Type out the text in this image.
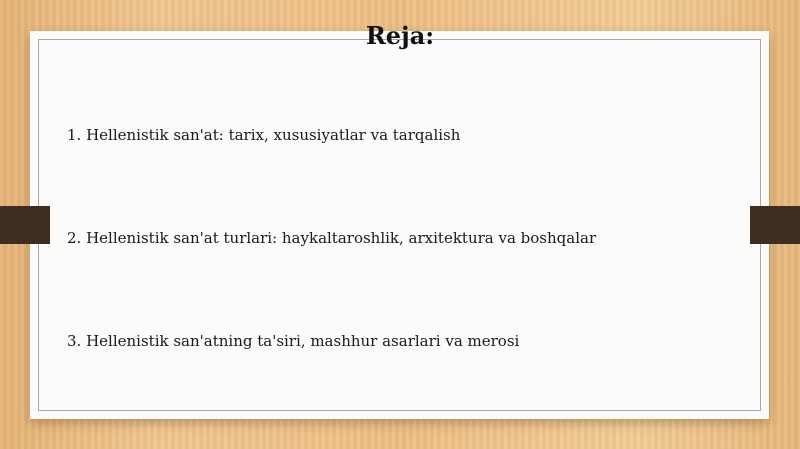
Reja:
1. Hellenistik san'at: tarix, xususiyatlar va tarqalish
2. Hellenistik san'at turlari: haykaltaroshlik, arxitektura va boshqalar
3. Hellenistik san'atning ta'siri, mashhur asarlari va merosi
